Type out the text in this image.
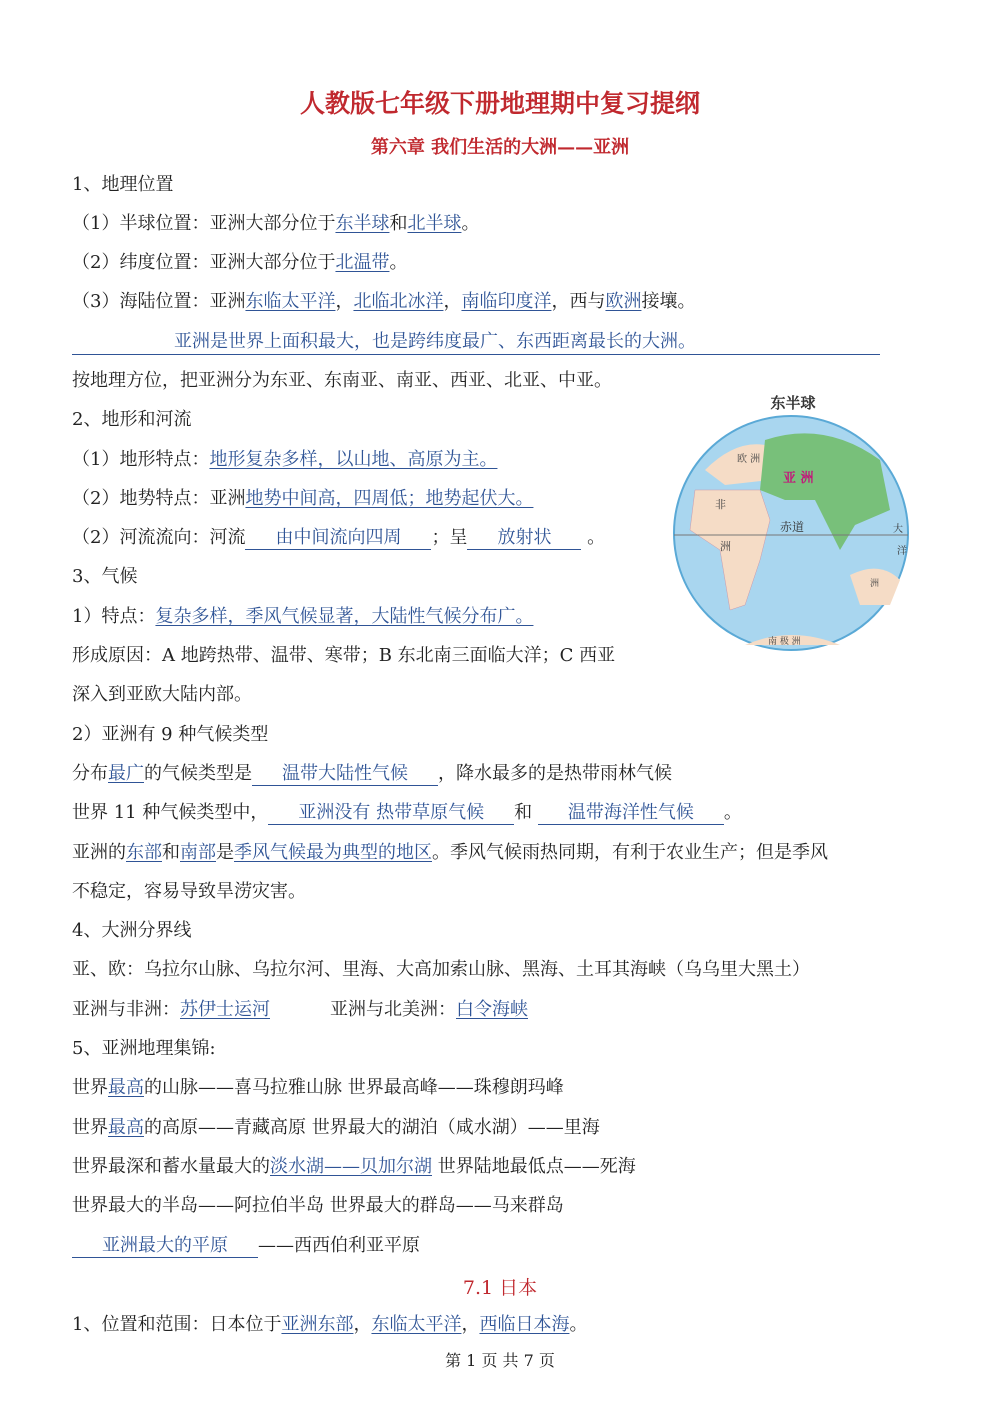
人教版七年级下册地理期中复习提纲
第六章 我们生活的大洲——亚洲
1、地理位置
（1）半球位置：亚洲大部分位于东半球和北半球。
（2）纬度位置：亚洲大部分位于北温带。
（3）海陆位置：亚洲东临太平洋，北临北冰洋，南临印度洋，西与欧洲接壤。
亚洲是世界上面积最大，也是跨纬度最广、东西距离最长的大洲。
按地理方位，把亚洲分为东亚、东南亚、南亚、西亚、北亚、中亚。
2、地形和河流
（1）地形特点：地形复杂多样，以山地、高原为主。
（2）地势特点：亚洲地势中间高，四周低；地势起伏大。
（2）河流流向：河流 由中间流向四周 ；呈 放射状 。
3、气候
1）特点：复杂多样，季风气候显著，大陆性气候分布广。
形成原因：A 地跨热带、温带、寒带；B 东北南三面临大洋；C 西亚
深入到亚欧大陆内部。
2）亚洲有 9 种气候类型
分布最广的气候类型是 温带大陆性气候 ，降水最多的是热带雨林气候
世界 11 种气候类型中， 亚洲没有 热带草原气候 和 温带海洋性气候 。
亚洲的东部和南部是季风气候最为典型的地区。季风气候雨热同期，有利于农业生产；但是季风
不稳定，容易导致旱涝灾害。
4、大洲分界线
亚、欧：乌拉尔山脉、乌拉尔河、里海、大高加索山脉、黑海、土耳其海峡（乌乌里大黑土）
亚洲与非洲：苏伊士运河	亚洲与北美洲：白令海峡
5、亚洲地理集锦:
世界最高的山脉——喜马拉雅山脉 世界最高峰——珠穆朗玛峰
世界最高的高原——青藏高原 世界最大的湖泊（咸水湖）——里海
世界最深和蓄水量最大的淡水湖——贝加尔湖 世界陆地最低点——死海
世界最大的半岛——阿拉伯半岛 世界最大的群岛——马来群岛
亚洲最大的平原 ——西西伯利亚平原
1、位置和范围：日本位于亚洲东部，东临太平洋，西临日本海。
7.1 日本
第 1 页 共 7 页
东半球
欧 洲
亚 洲
非
洲
赤道	大
洋
洲
南 极 洲
